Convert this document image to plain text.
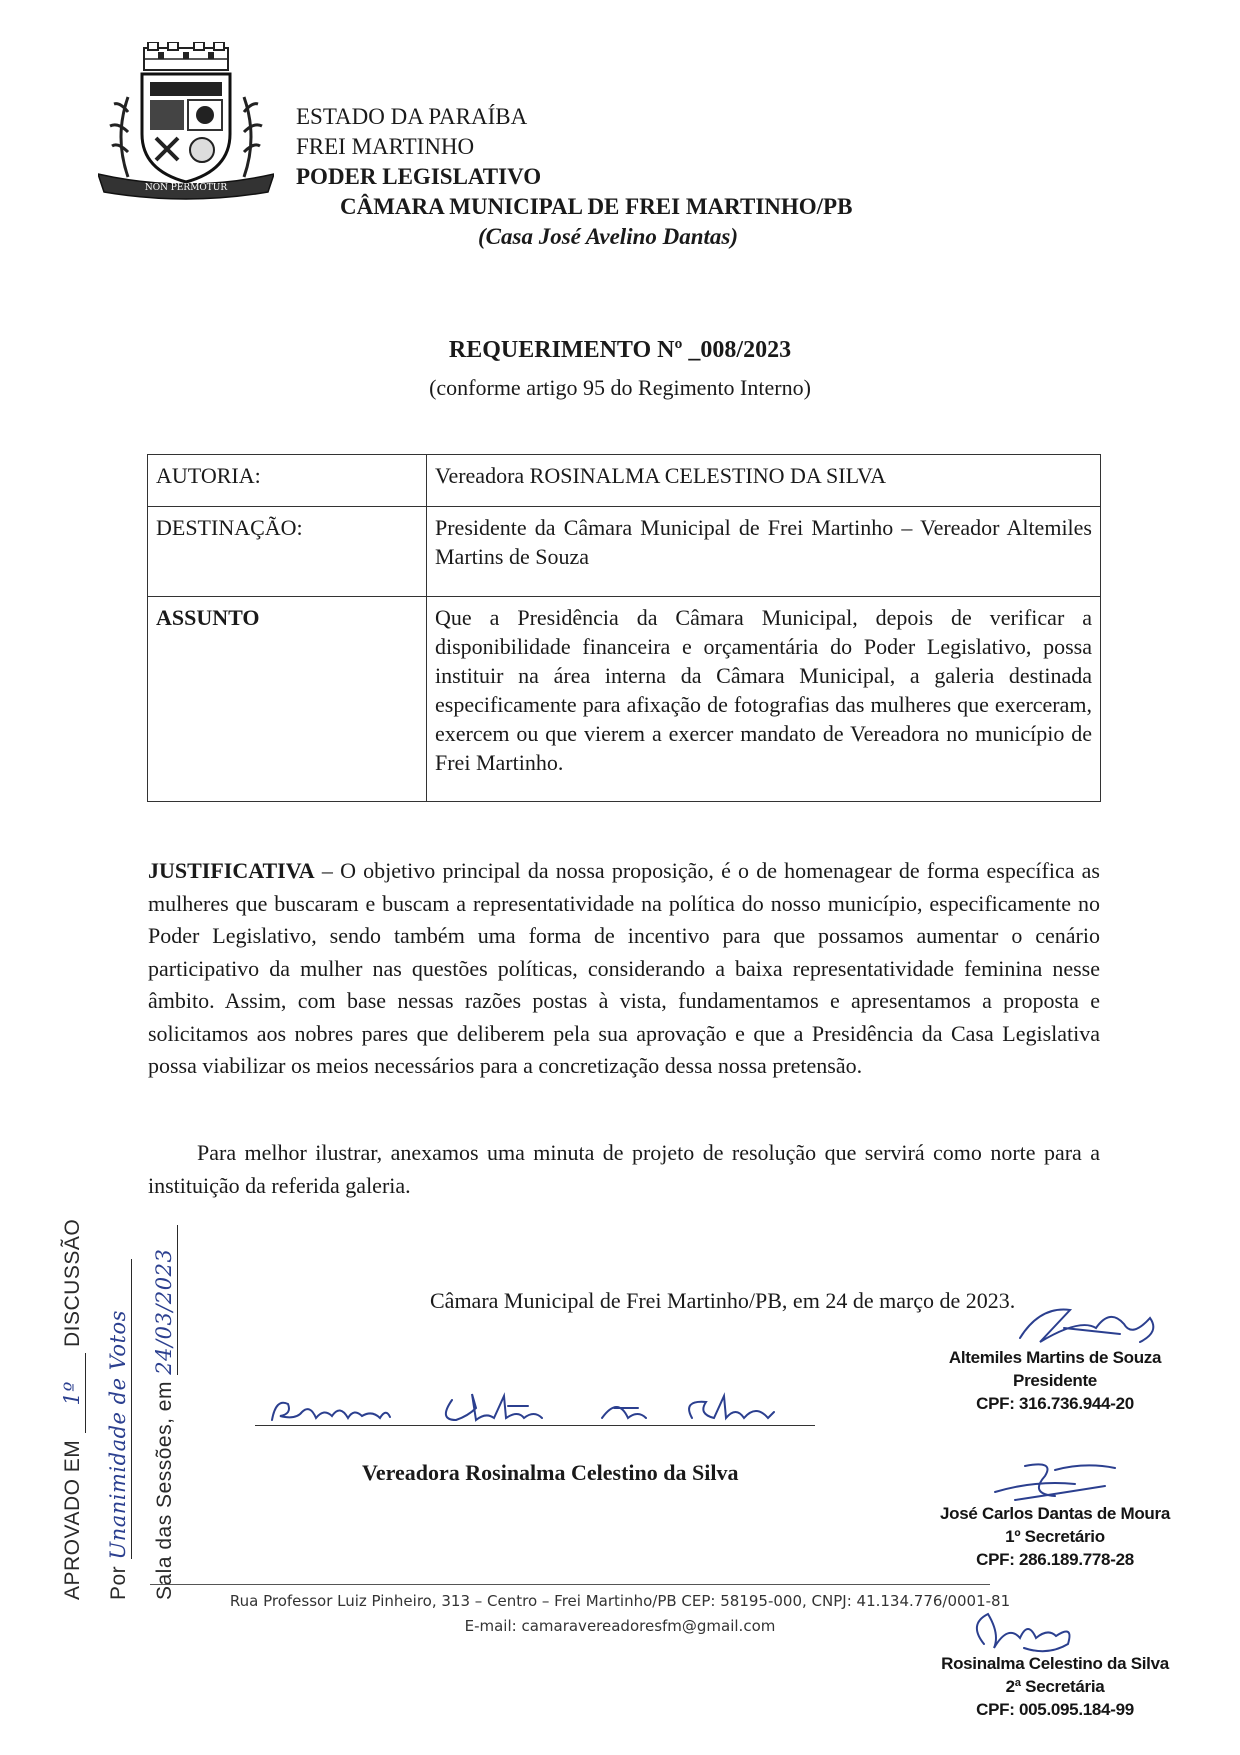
NON PERMOTUR
ESTADO DA PARAÍBA
FREI MARTINHO
PODER LEGISLATIVO
CÂMARA MUNICIPAL DE FREI MARTINHO/PB
(Casa José Avelino Dantas)
REQUERIMENTO Nº _008/2023
(conforme artigo 95 do Regimento Interno)
AUTORIA:	Vereadora ROSINALMA CELESTINO DA SILVA
DESTINAÇÃO:	Presidente da Câmara Municipal de Frei Martinho – Vereador Altemiles Martins de Souza
ASSUNTO	Que a Presidência da Câmara Municipal, depois de verificar a disponibilidade financeira e orçamentária do Poder Legislativo, possa instituir na área interna da Câmara Municipal, a galeria destinada especificamente para afixação de fotografias das mulheres que exerceram, exercem ou que vierem a exercer mandato de Vereadora no município de Frei Martinho.
JUSTIFICATIVA – O objetivo principal da nossa proposição, é o de homenagear de forma específica as mulheres que buscaram e buscam a representatividade na política do nosso município, especificamente no Poder Legislativo, sendo também uma forma de incentivo para que possamos aumentar o cenário participativo da mulher nas questões políticas, considerando a baixa representatividade feminina nesse âmbito. Assim, com base nessas razões postas à vista, fundamentamos e apresentamos a proposta e solicitamos aos nobres pares que deliberem pela sua aprovação e que a Presidência da Casa Legislativa possa viabilizar os meios necessários para a concretização dessa nossa pretensão.
Para melhor ilustrar, anexamos uma minuta de projeto de resolução que servirá como norte para a instituição da referida galeria.
Câmara Municipal de Frei Martinho/PB, em 24 de março de 2023.
Vereadora Rosinalma Celestino da Silva
Altemiles Martins de Souza
Presidente
CPF: 316.736.944-20
José Carlos Dantas de Moura
1º Secretário
CPF: 286.189.778-28
Rosinalma Celestino da Silva
2ª Secretária
CPF: 005.095.184-99
APROVADO EM 1º DISCUSSÃO
Por Unanimidade de Votos	Sala das Sessões, em 24/03/2023
Rua Professor Luiz Pinheiro, 313 – Centro – Frei Martinho/PB CEP: 58195-000, CNPJ: 41.134.776/0001-81
E-mail: camaravereadoresfm@gmail.com
